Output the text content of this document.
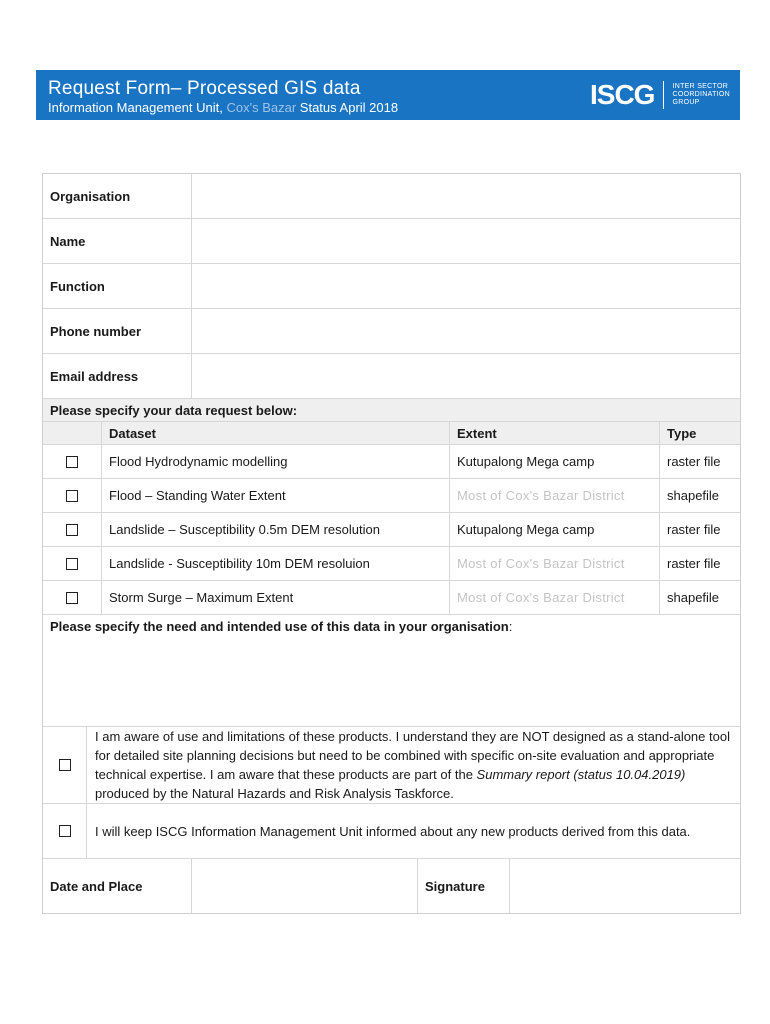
Request Form– Processed GIS data
Information Management Unit, Cox's Bazar Status April 2018	ISCG	INTER SECTOR
COORDINATION
GROUP
Organisation
Name
Function
Phone number
Email address
Please specify your data request below:
Dataset	Extent	Type
Flood Hydrodynamic modelling	Kutupalong Mega camp	raster file
Flood – Standing Water Extent	Most of Cox's Bazar District	shapefile
Landslide – Susceptibility 0.5m DEM resolution	Kutupalong Mega camp	raster file
Landslide - Susceptibility 10m DEM resoluion	Most of Cox's Bazar District	raster file
Storm Surge – Maximum Extent	Most of Cox's Bazar District	shapefile
Please specify the need and intended use of this data in your organisation:
I am aware of use and limitations of these products. I understand they are NOT designed as a stand-alone tool for detailed site planning decisions but need to be combined with specific on-site evaluation and appropriate technical expertise. I am aware that these products are part of the Summary report (status 10.04.2019) produced by the Natural Hazards and Risk Analysis Taskforce.
I will keep ISCG Information Management Unit informed about any new products derived from this data.
Date and Place	Signature
